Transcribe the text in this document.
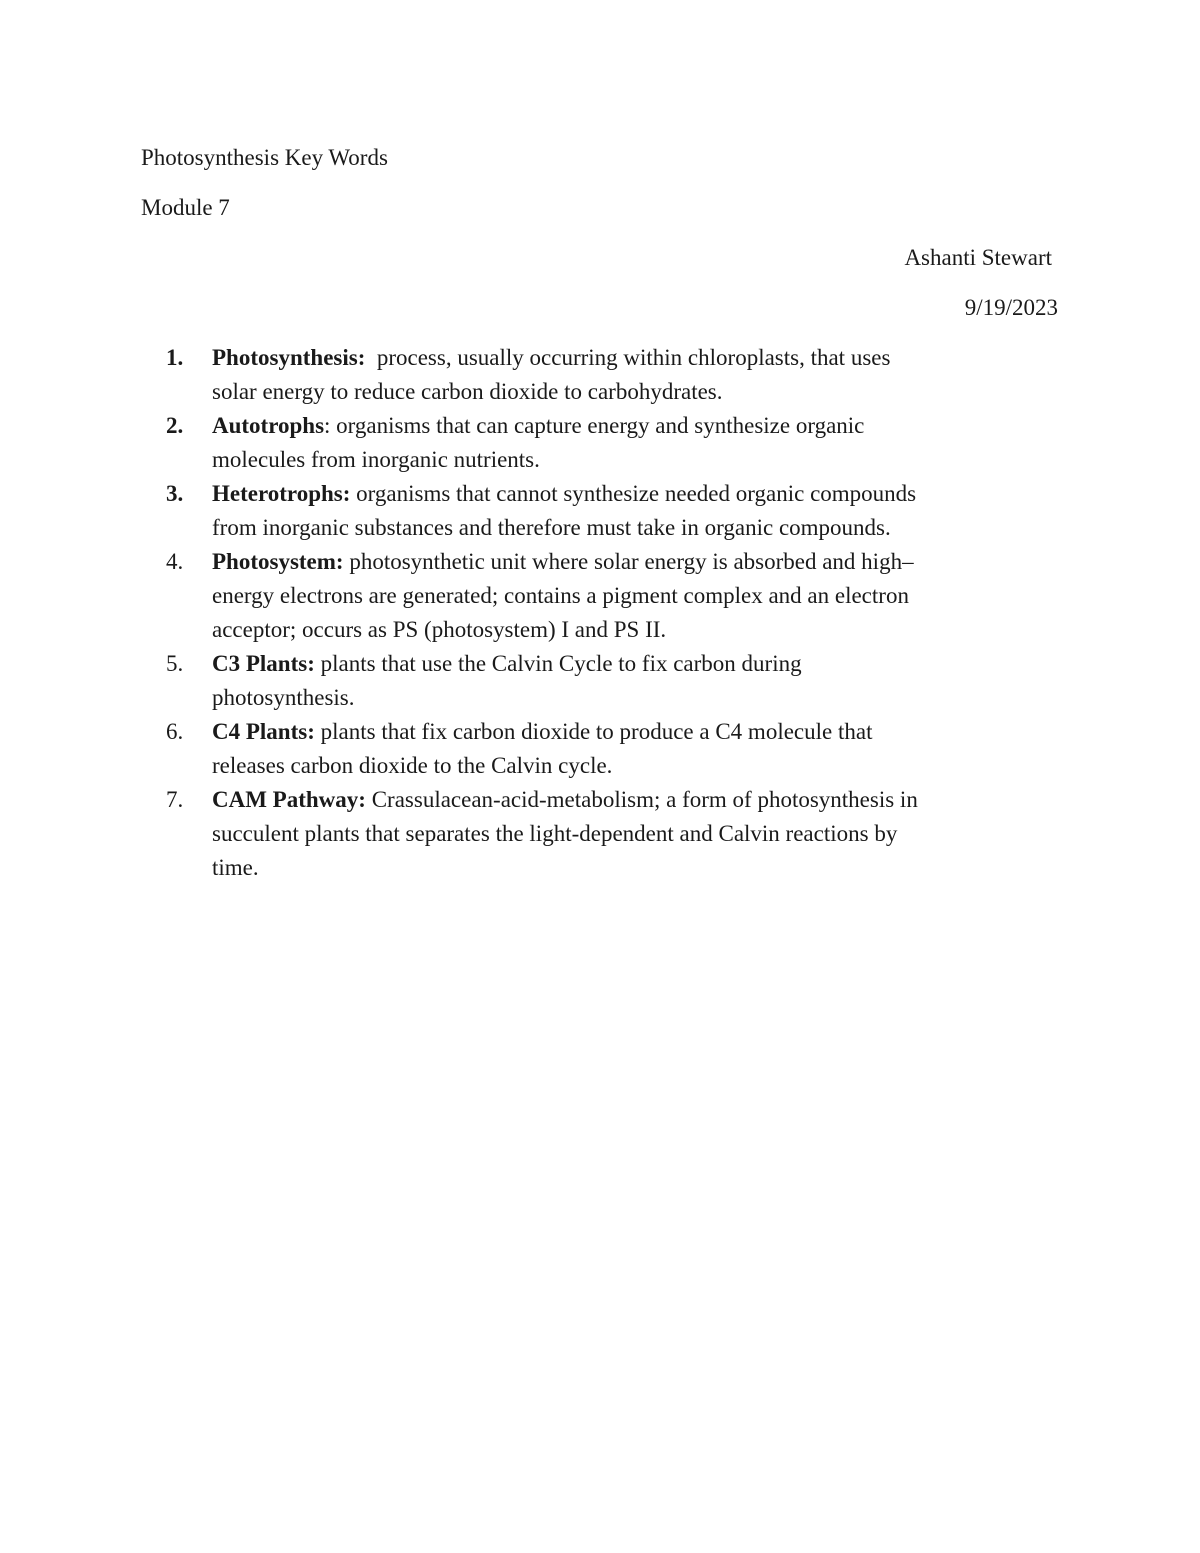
Photosynthesis Key Words
Module 7
Ashanti Stewart
9/19/2023
1.	Photosynthesis: process, usually occurring within chloroplasts, that uses
solar energy to reduce carbon dioxide to carbohydrates.
2.	Autotrophs: organisms that can capture energy and synthesize organic
molecules from inorganic nutrients.
3.	Heterotrophs: organisms that cannot synthesize needed organic compounds
from inorganic substances and therefore must take in organic compounds.
4.	Photosystem: photosynthetic unit where solar energy is absorbed and high–
energy electrons are generated; contains a pigment complex and an electron
acceptor; occurs as PS (photosystem) I and PS II.
5.	C3 Plants: plants that use the Calvin Cycle to fix carbon during
photosynthesis.
6.	C4 Plants: plants that fix carbon dioxide to produce a C4 molecule that
releases carbon dioxide to the Calvin cycle.
7.	CAM Pathway: Crassulacean-acid-metabolism; a form of photosynthesis in
succulent plants that separates the light-dependent and Calvin reactions by
time.
